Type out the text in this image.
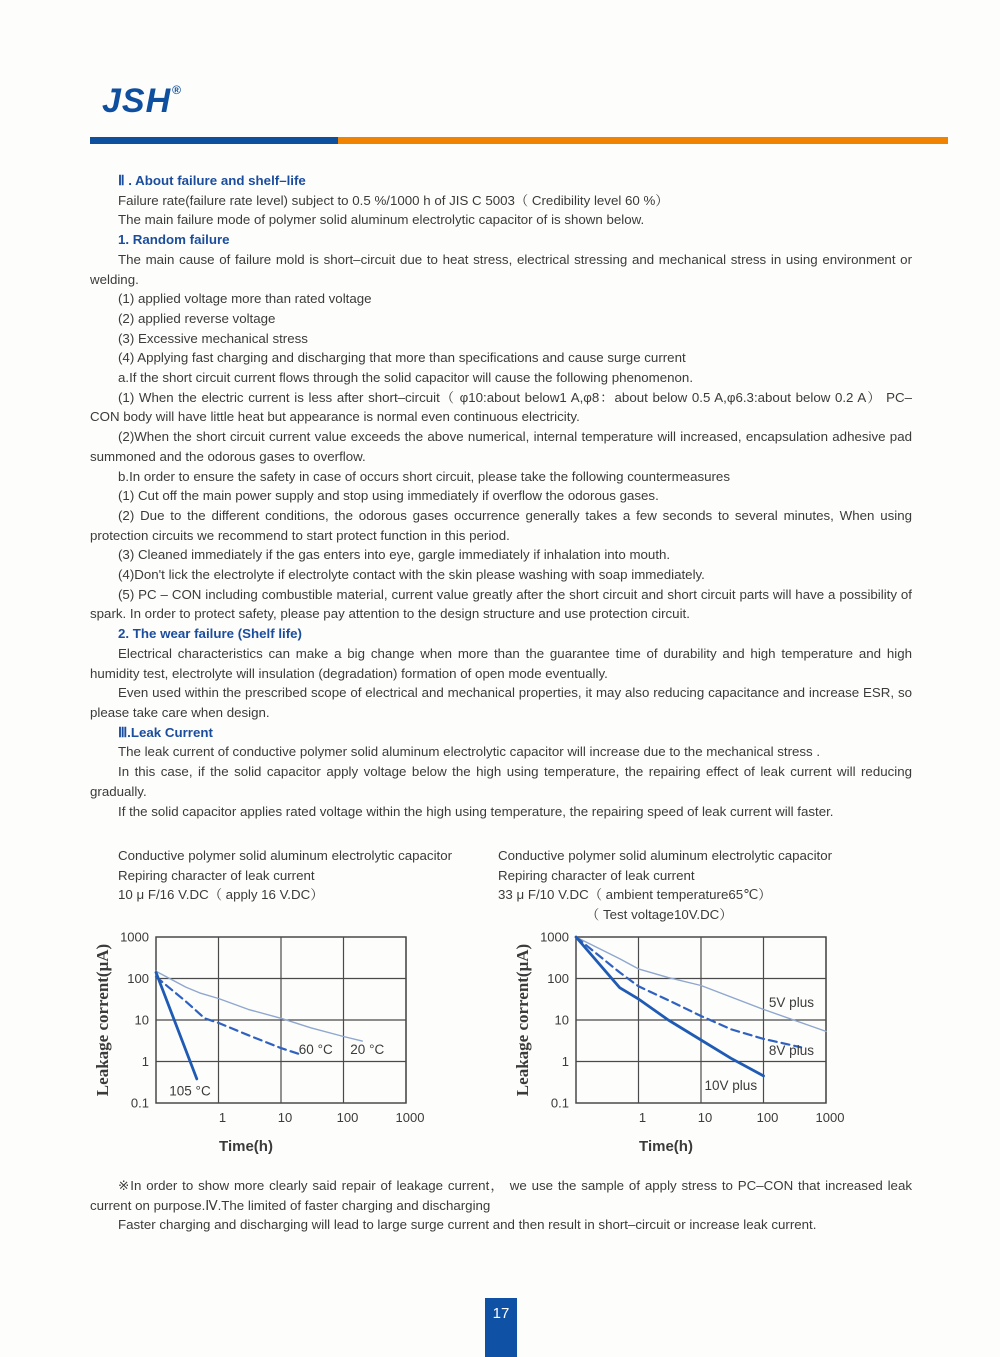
JSH®

Ⅱ . About failure and shelf–life

Failure rate(failure rate level) subject to 0.5 %/1000 h of JIS C 5003（ Credibility level 60 %）

The main failure mode of polymer solid aluminum electrolytic capacitor of is shown below.

1. Random failure

The main cause of failure mold is short–circuit due to heat stress, electrical stressing and mechanical stress in using environment or welding.

(1) applied voltage more than rated voltage

(2) applied reverse voltage

(3) Excessive mechanical stress

(4) Applying fast charging and discharging that more than specifications and cause surge current

a.If the short circuit current flows through the solid capacitor will cause the following phenomenon.

(1) When the electric current is less after short–circuit（ φ10:about below1 A,φ8：about below 0.5 A,φ6.3:about below 0.2 A） PC–CON body will have little heat but appearance is normal even continuous electricity.

(2)When the short circuit current value exceeds the above numerical, internal temperature will increased, encapsulation adhesive pad summoned and the odorous gases to overflow.

b.In order to ensure the safety in case of occurs short circuit, please take the following countermeasures

(1) Cut off the main power supply and stop using immediately if overflow the odorous gases.

(2) Due to the different conditions, the odorous gases occurrence generally takes a few seconds to several minutes, When using protection circuits we recommend to start protect function in this period.

(3) Cleaned immediately if the gas enters into eye, gargle immediately if inhalation into mouth.

(4)Don't lick the electrolyte if electrolyte contact with the skin please washing with soap immediately.

(5) PC – CON including combustible material, current value greatly after the short circuit and short circuit parts will have a possibility of spark. In order to protect safety, please pay attention to the design structure and use protection circuit.

2. The wear failure (Shelf life)

Electrical characteristics can make a big change when more than the guarantee time of durability and high temperature and high humidity test, electrolyte will insulation (degradation) formation of open mode eventually.

Even used within the prescribed scope of electrical and mechanical properties, it may also reducing capacitance and increase ESR, so please take care when design.

Ⅲ.Leak Current

The leak current of conductive polymer solid aluminum electrolytic capacitor will increase due to the mechanical stress .

In this case, if the solid capacitor apply voltage below the high using temperature, the repairing effect of leak current will reducing gradually.

If the solid capacitor applies rated voltage within the high using temperature, the repairing speed of leak current will faster.

Conductive polymer solid aluminum electrolytic capacitor
Repiring character of leak current
10 μ F/16 V.DC（ apply 16 V.DC）
Conductive polymer solid aluminum electrolytic capacitor
Repiring character of leak current
33 μ F/10 V.DC（ ambient temperature65℃）
（ Test voltage10V.DC）
20 °C
60 °C
105 °C
1000
100
10
1
0.1
1	10	100	1000
Leakage corrent(μA)
Time(h)
5V plus
8V plus
10V plus
1000
100
10
1
0.1
1	10	100	1000
Leakage corrent(μA)
Time(h)

※In order to show more clearly said repair of leakage current， we use the sample of apply stress to PC–CON that increased leak current on purpose.Ⅳ.The limited of faster charging and discharging

Faster charging and discharging will lead to large surge current and then result in short–circuit or increase leak current.

17
